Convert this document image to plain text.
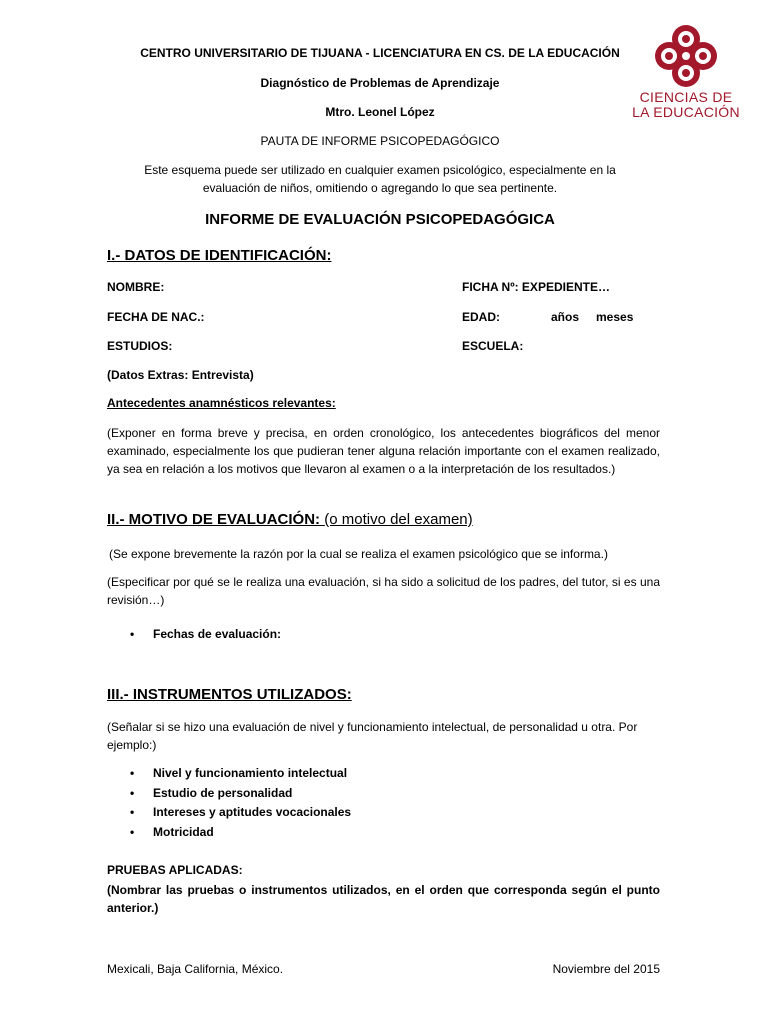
CIENCIAS DE
LA EDUCACIÓN
CENTRO UNIVERSITARIO DE TIJUANA - LICENCIATURA EN CS. DE LA EDUCACIÓN
Diagnóstico de Problemas de Aprendizaje
Mtro. Leonel López
PAUTA DE INFORME PSICOPEDAGÓGICO
Este esquema puede ser utilizado en cualquier examen psicológico, especialmente en la
evaluación de niños, omitiendo o agregando lo que sea pertinente.
INFORME DE EVALUACIÓN PSICOPEDAGÓGICA
I.- DATOS DE IDENTIFICACIÓN:
NOMBRE:	FICHA Nº: EXPEDIENTE…
FECHA DE NAC.:	EDAD:	años meses
ESTUDIOS:	ESCUELA:
(Datos Extras: Entrevista)
Antecedentes anamnésticos relevantes:
(Exponer en forma breve y precisa, en orden cronológico, los antecedentes biográficos del menor examinado, especialmente los que pudieran tener alguna relación importante con el examen realizado, ya sea en relación a los motivos que llevaron al examen o a la interpretación de los resultados.)
II.- MOTIVO DE EVALUACIÓN: (o motivo del examen)
(Se expone brevemente la razón por la cual se realiza el examen psicológico que se informa.)
(Especificar por qué se le realiza una evaluación, si ha sido a solicitud de los padres, del tutor, si es una revisión…)
• Fechas de evaluación:
III.- INSTRUMENTOS UTILIZADOS:
(Señalar si se hizo una evaluación de nivel y funcionamiento intelectual, de personalidad u otra. Por ejemplo:)
• Nivel y funcionamiento intelectual
• Estudio de personalidad
• Intereses y aptitudes vocacionales
• Motricidad
PRUEBAS APLICADAS:
(Nombrar las pruebas o instrumentos utilizados, en el orden que corresponda según el punto anterior.)
Mexicali, Baja California, México.	Noviembre del 2015
